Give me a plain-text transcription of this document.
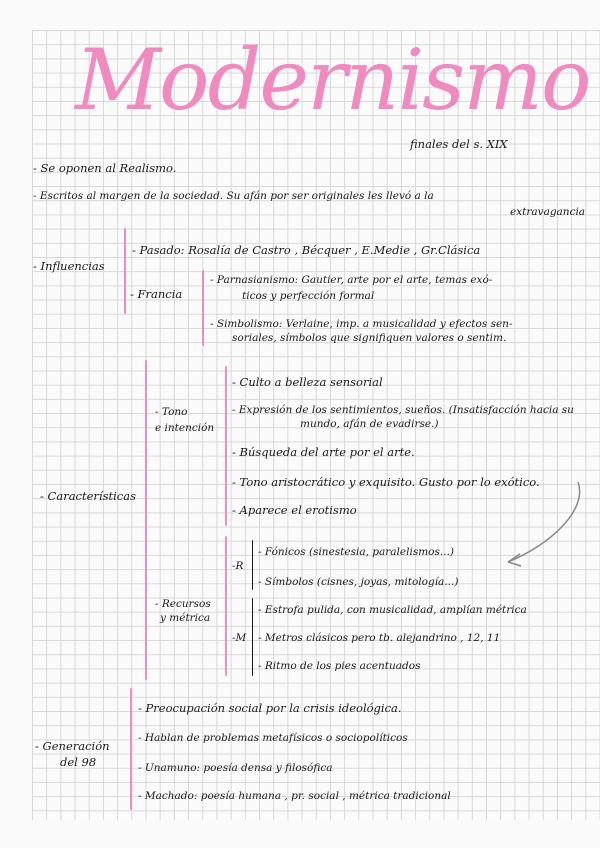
Modernismo
finales del s. XIX
- Se oponen al Realismo.
- Escritos al margen de la sociedad. Su afán por ser originales les llevó a la
extravagancia
- Influencias
- Pasado: Rosalía de Castro , Bécquer , E.Medie , Gr.Clásica
- Francia
- Parnasianismo: Gautier, arte por el arte, temas exó-
ticos y perfección formal
- Simbolismo: Verlaine, imp. a musicalidad y efectos sen-
soriales, símbolos que signifiquen valores o sentim.
- Características
- Tono
e intención
- Culto a belleza sensorial
- Expresión de los sentimientos, sueños. (Insatisfacción hacia su
mundo, afán de evadirse.)
- Búsqueda del arte por el arte.
- Tono aristocrático y exquisito. Gusto por lo exótico.
- Aparece el erotismo
- Recursos
y métrica
-R
-M
- Fónicos (sinestesia, paralelismos...)
- Símbolos (cisnes, joyas, mitología...)
- Estrofa pulida, con musicalidad, amplían métrica
- Metros clásicos pero tb. alejandrino , 12, 11
- Ritmo de los pies acentuados
- Generación
del 98
- Preocupación social por la crisis ideológica.
- Hablan de problemas metafísicos o sociopolíticos
- Unamuno: poesía densa y filosófica
- Machado: poesía humana , pr. social , métrica tradicional
